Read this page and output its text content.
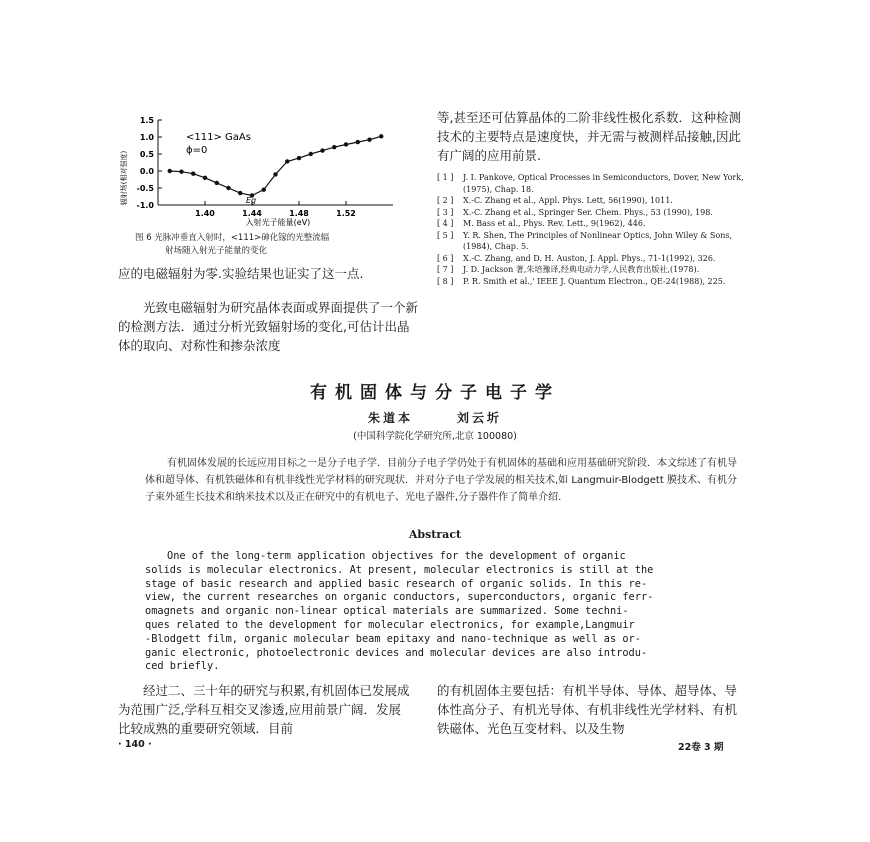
1.5
1.0
0.5
0.0
-0.5
-1.0
1.40	1.44	1.48	1.52
<111> GaAs
ϕ=0
Eg
辐射场(相对强度)
入射光子能量(eV)
图 6 光脉冲垂直入射时，<111>砷化镓的光整流辐
射场随入射光子能量的变化
应的电磁辐射为零.实验结果也证实了这一点.
光致电磁辐射为研究晶体表面或界面提供了一个新的检测方法．通过分析光致辐射场的变化,可估计出晶体的取向、对称性和掺杂浓度
等,甚至还可估算晶体的二阶非线性极化系数．这种检测技术的主要特点是速度快，并无需与被测样品接触,因此有广阔的应用前景.
[ 1 ]	J. I. Pankove, Optical Processes in Semiconductors, Dover, New York, (1975), Chap. 18.
[ 2 ]	X.-C. Zhang et al., Appl. Phys. Lett, 56(1990), 1011.
[ 3 ]	X.-C. Zhang et al., Springer Ser. Chem. Phys., 53 (1990), 198.
[ 4 ]	M. Bass et al., Phys. Rev. Lett., 9(1962), 446.
[ 5 ]	Y. R. Shen, The Principles of Nonlinear Optics, John Wiley & Sons, (1984), Chap. 5.
[ 6 ]	X.-C. Zhang, and D. H. Auston, J. Appl. Phys., 71-1(1992), 326.
[ 7 ]	J. D. Jackson 著,朱培豫译,经典电动力学,人民教育出版社,(1978).
[ 8 ]	P. R. Smith et al.,' IEEE J. Quantum Electron., QE-24(1988), 225.
有机固体与分子电子学
朱道本	刘云圻
(中国科学院化学研究所,北京 100080)
有机固体发展的长远应用目标之一是分子电子学．目前分子电子学仍处于有机固体的基础和应用基础研究阶段．本文综述了有机导体和超导体、有机铁磁体和有机非线性光学材料的研究现状．并对分子电子学发展的相关技术,如 Langmuir-Blodgett 膜技术、有机分子束外延生长技术和纳米技术以及正在研究中的有机电子、光电子器件,分子器件作了简单介绍.
Abstract
One of the long-term application objectives for the development of organic
solids is molecular electronics. At present, molecular electronics is still at the
stage of basic research and applied basic research of organic solids. In this re-
view, the current researches on organic conductors, superconductors, organic ferr-
omagnets and organic non-linear optical materials are summarized. Some techni-
ques related to the development for molecular electronics, for example,Langmuir
-Blodgett film, organic molecular beam epitaxy and nano-technique as well as or-
ganic electronic, photoelectronic devices and molecular devices are also introdu-
ced briefly.
经过二、三十年的研究与积累,有机固体已发展成为范围广泛,学科互相交叉渗透,应用前景广阔．发展比较成熟的重要研究领域．目前
的有机固体主要包括：有机半导体、导体、超导体、导体性高分子、有机光导体、有机非线性光学材料、有机铁磁体、光色互变材料、以及生物
· 140 ·	22卷 3 期
